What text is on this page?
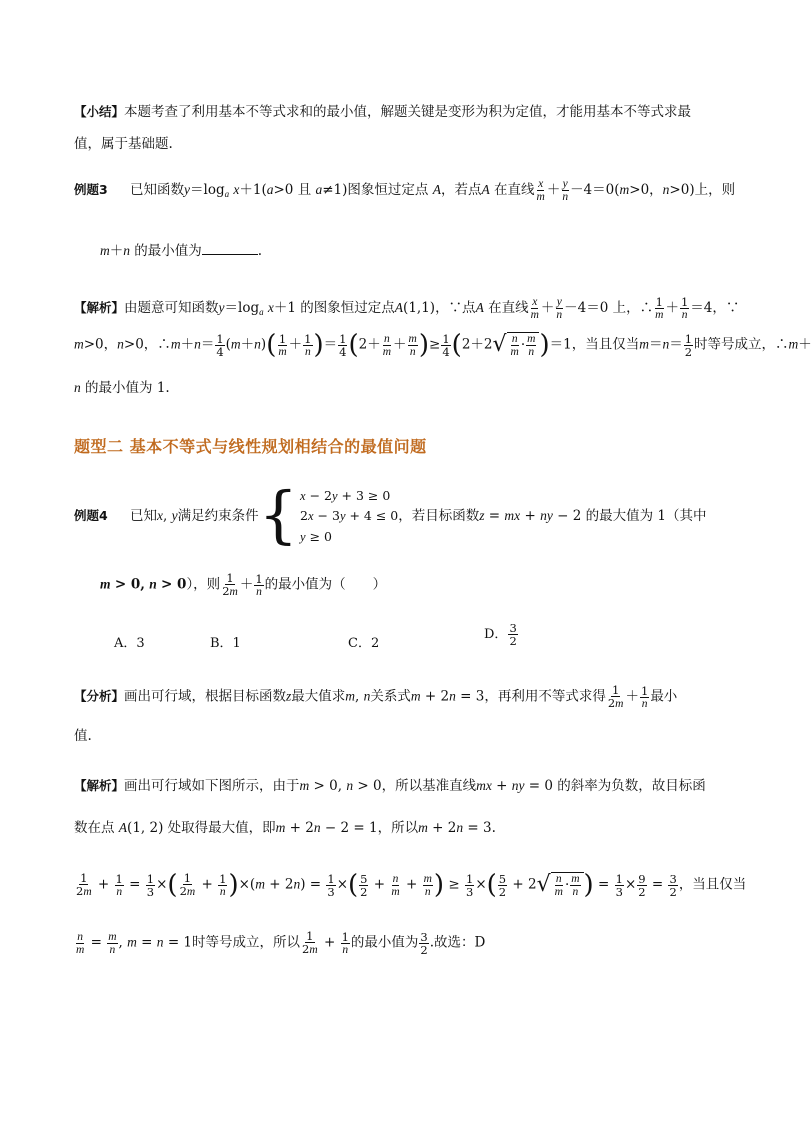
【小结】本题考查了利用基本不等式求和的最小值，解题关键是变形为积为定值，才能用基本不等式求最
值，属于基础题.
例题3 已知函数$y=\log_a$ x＋1(a>0 且 a≠1)图象恒过定点 A，若点A 在直线 $\frac{x}{m} + \frac{y}{n} -4=0(m>0$，n>0)上，则
m＋n 的最小值为	.
【解析】由题意可知函数$y=\log_a$ x＋1 的图象恒过定点A(1,1)，∵点A 在直线 $\frac{x}{m} + \frac{y}{n} -4=0$ 上，∴ $\frac{1}{m} + \frac{1}{n} =4$，∵
m>0，n>0，∴m＋n＝ $\frac{1}{4} (m+n)( \frac{1}{m} + \frac{1}{n}$ )＝ $\frac{1}{4} (2+ \frac{n}{m} + \frac{m}{n}$ )≥ $\frac{1}{4} (2+2$ √ $\frac{n}{m} \cdot \frac{m}{n} )=1$，当且仅当$m=n= \frac{1}{2}$ 时等号成立，∴m＋
n 的最小值为 1.
题型二 基本不等式与线性规划相结合的最值问题
例题4 已知x, y满足约束条件 { x − 2y + 3 ≥ 0
2x − 3y + 4 ≤ 0
y ≥ 0
，若目标函数z = mx + ny − 2 的最大值为 1（其中
m > 0, n > 0），则 $\frac{1}{2m} + \frac{1}{n}$ 的最小值为（　　）
A．3	B．1	C．2
D． $\frac{3}{2}$
【分析】画出可行域，根据目标函数z最大值求m, n关系式m + 2n = 3，再利用不等式求得 $\frac{1}{2m} + \frac{1}{n}$ 最小
值.
【解析】画出可行域如下图所示，由于m > 0, n > 0，所以基准直线mx + ny = 0 的斜率为负数，故目标函
数在点 A(1, 2) 处取得最大值，即m + 2n − 2 = 1，所以m + 2n = 3.
$\frac{1}{2m} + \frac{1}{n} = \frac{1}{3}$ ×( $\frac{1}{2m} + \frac{1}{n} )\times(m + 2n) = \frac{1}{3}$ ×( $\frac{5}{2} + \frac{n}{m} + \frac{m}{n}$ ) ≥ $\frac{1}{3}$ ×( $\frac{5}{2} + 2$ √ $\frac{n}{m} \cdot \frac{m}{n}$ ) = $\frac{1}{3} \times \frac{9}{2} = \frac{3}{2}$ ，当且仅当
$\frac{n}{m} = \frac{m}{n}$ , m = n = 1时等号成立，所以 $\frac{1}{2m} + \frac{1}{n}$ 的最小值为 $\frac{3}{2}$ .故选：D
